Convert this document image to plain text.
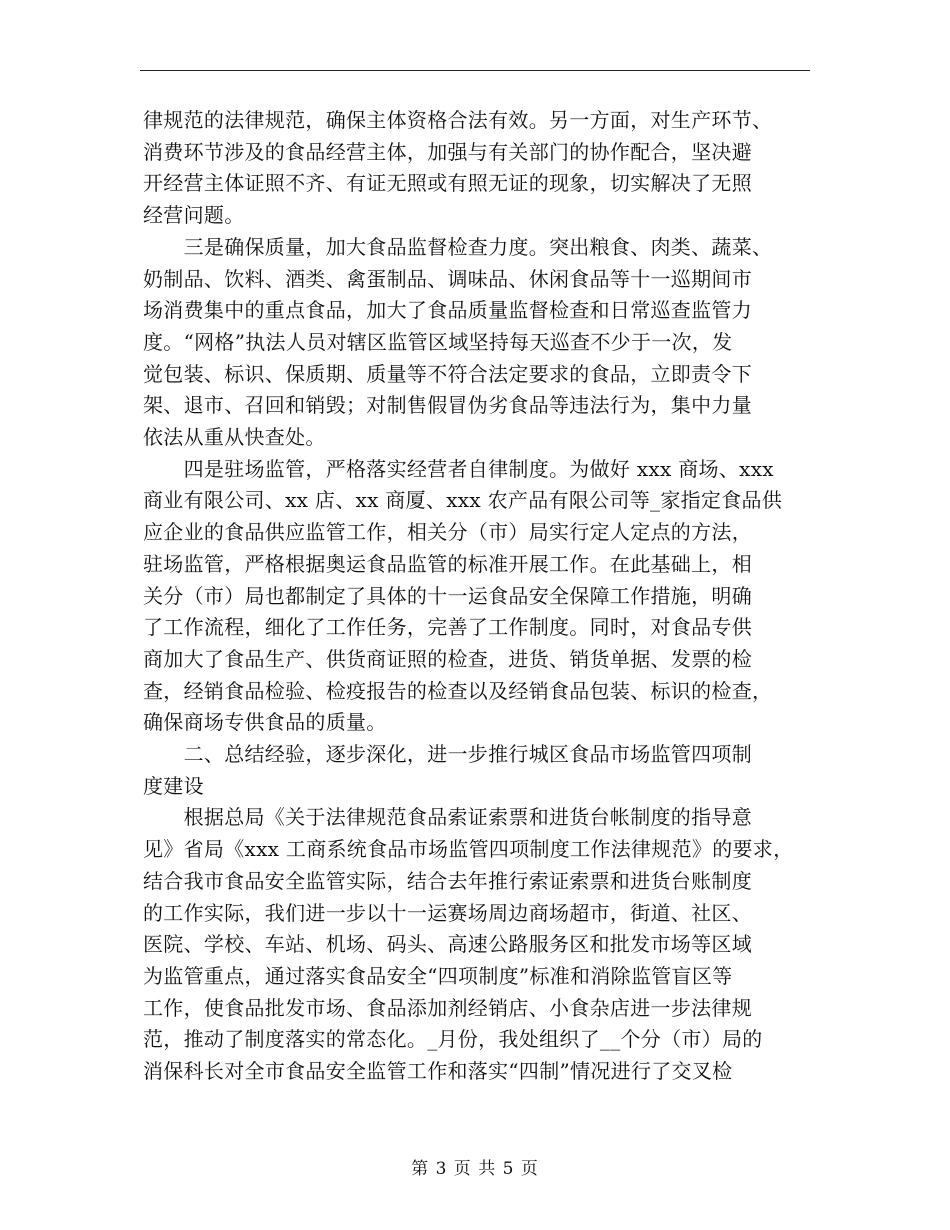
律规范的法律规范，确保主体资格合法有效。另一方面，对生产环节、
消费环节涉及的食品经营主体，加强与有关部门的协作配合，坚决避
开经营主体证照不齐、有证无照或有照无证的现象，切实解决了无照
经营问题。
　　三是确保质量，加大食品监督检查力度。突出粮食、肉类、蔬菜、
奶制品、饮料、酒类、禽蛋制品、调味品、休闲食品等十一巡期间市
场消费集中的重点食品，加大了食品质量监督检查和日常巡查监管力
度。“网格”执法人员对辖区监管区域坚持每天巡查不少于一次，发
觉包装、标识、保质期、质量等不符合法定要求的食品，立即责令下
架、退市、召回和销毁；对制售假冒伪劣食品等违法行为，集中力量
依法从重从快查处。
　　四是驻场监管，严格落实经营者自律制度。为做好 xxx 商场、xxx
商业有限公司、xx 店、xx 商厦、xxx 农产品有限公司等_家指定食品供
应企业的食品供应监管工作，相关分（市）局实行定人定点的方法，
驻场监管，严格根据奥运食品监管的标准开展工作。在此基础上，相
关分（市）局也都制定了具体的十一运食品安全保障工作措施，明确
了工作流程，细化了工作任务，完善了工作制度。同时，对食品专供
商加大了食品生产、供货商证照的检查，进货、销货单据、发票的检
查，经销食品检验、检疫报告的检查以及经销食品包装、标识的检查，
确保商场专供食品的质量。
　　二、总结经验，逐步深化，进一步推行城区食品市场监管四项制
度建设
　　根据总局《关于法律规范食品索证索票和进货台帐制度的指导意
见》省局《xxx 工商系统食品市场监管四项制度工作法律规范》的要求，
结合我市食品安全监管实际，结合去年推行索证索票和进货台账制度
的工作实际，我们进一步以十一运赛场周边商场超市，街道、社区、
医院、学校、车站、机场、码头、高速公路服务区和批发市场等区域
为监管重点，通过落实食品安全“四项制度”标准和消除监管盲区等
工作，使食品批发市场、食品添加剂经销店、小食杂店进一步法律规
范，推动了制度落实的常态化。_月份，我处组织了__个分（市）局的
消保科长对全市食品安全监管工作和落实“四制”情况进行了交叉检
第 3 页 共 5 页
